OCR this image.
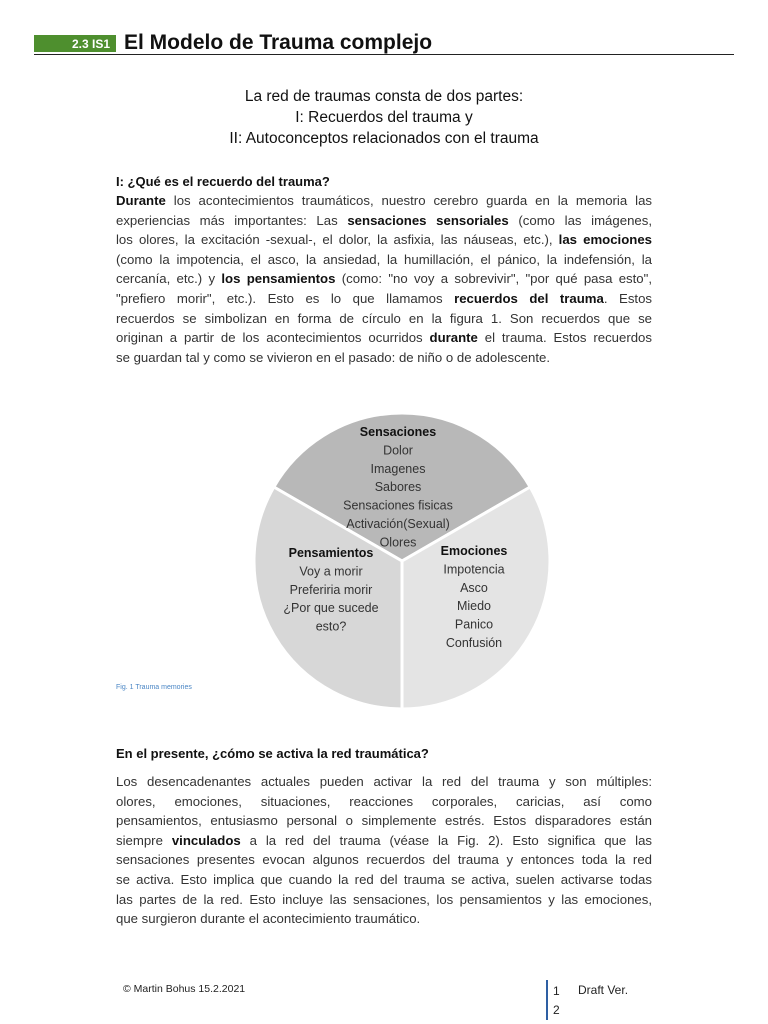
2.3 IS1 El Modelo de Trauma complejo
La red de traumas consta de dos partes:
I: Recuerdos del trauma y
II: Autoconceptos relacionados con el trauma
I: ¿Qué es el recuerdo del trauma?
Durante los acontecimientos traumáticos, nuestro cerebro guarda en la memoria las
experiencias más importantes: Las sensaciones sensoriales (como las imágenes,
los olores, la excitación -sexual-, el dolor, la asfixia, las náuseas, etc.), las emociones
(como la impotencia, el asco, la ansiedad, la humillación, el pánico, la indefensión, la
cercanía, etc.) y los pensamientos (como: "no voy a sobrevivir", "por qué pasa esto",
"prefiero morir", etc.). Esto es lo que llamamos recuerdos del trauma. Estos
recuerdos se simbolizan en forma de círculo en la figura 1. Son recuerdos que se
originan a partir de los acontecimientos ocurridos durante el trauma. Estos recuerdos
se guardan tal y como se vivieron en el pasado: de niño o de adolescente.
Sensaciones
Dolor
Imagenes
Sabores
Sensaciones fisicas
Activación(Sexual)
Olores
Emociones
Impotencia
Asco
Miedo
Panico
Confusión
Pensamientos
Voy a morir
Preferiria morir
¿Por que sucede
esto?
Fig. 1 Trauma memories
En el presente, ¿cómo se activa la red traumática?
Los desencadenantes actuales pueden activar la red del trauma y son múltiples:
olores, emociones, situaciones, reacciones corporales, caricias, así como
pensamientos, entusiasmo personal o simplemente estrés. Estos disparadores están
siempre vinculados a la red del trauma (véase la Fig. 2). Esto significa que las
sensaciones presentes evocan algunos recuerdos del trauma y entonces toda la red
se activa. Esto implica que cuando la red del trauma se activa, suelen activarse todas
las partes de la red. Esto incluye las sensaciones, los pensamientos y las emociones,
que surgieron durante el acontecimiento traumático.
© Martin Bohus 15.2.2021	1
2
Draft Ver.
